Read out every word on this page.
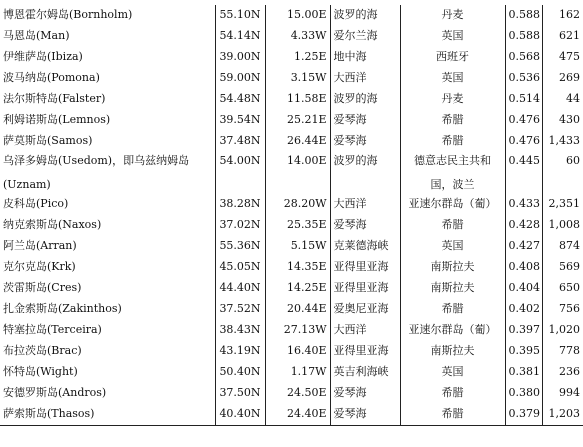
博恩霍尔姆岛(Bornholm)	55.10N	15.00E	波罗的海	丹麦	0.588	162
马恩岛(Man)	54.14N	4.33W	爱尔兰海	英国	0.588	621
伊维萨岛(Ibiza)	39.00N	1.25E	地中海	西班牙	0.568	475
波马纳岛(Pomona)	59.00N	3.15W	大西洋	英国	0.536	269
法尔斯特岛(Falster)	54.48N	11.58E	波罗的海	丹麦	0.514	44
利姆诺斯岛(Lemnos)	39.54N	25.21E	爱琴海	希腊	0.476	430
萨莫斯岛(Samos)	37.48N	26.44E	爱琴海	希腊	0.476	1,433
乌泽多姆岛(Usedom)，即乌兹纳姆岛	54.00N	14.00E	波罗的海	德意志民主共和	0.445	60
(Uznam)				国，波兰		
皮科岛(Pico)	38.28N	28.20W	大西洋	亚速尔群岛（葡）	0.433	2,351
纳克索斯岛(Naxos)	37.02N	25.35E	爱琴海	希腊	0.428	1,008
阿兰岛(Arran)	55.36N	5.15W	克莱德海峡	英国	0.427	874
克尔克岛(Krk)	45.05N	14.35E	亚得里亚海	南斯拉夫	0.408	569
茨雷斯岛(Cres)	44.40N	14.25E	亚得里亚海	南斯拉夫	0.404	650
扎金索斯岛(Zakinthos)	37.52N	20.44E	爱奥尼亚海	希腊	0.402	756
特塞拉岛(Terceira)	38.43N	27.13W	大西洋	亚速尔群岛（葡）	0.397	1,020
布拉茨岛(Brac)	43.19N	16.40E	亚得里亚海	南斯拉夫	0.395	778
怀特岛(Wight)	50.40N	1.17W	英吉利海峡	英国	0.381	236
安德罗斯岛(Andros)	37.50N	24.50E	爱琴海	希腊	0.380	994
萨索斯岛(Thasos)	40.40N	24.40E	爱琴海	希腊	0.379	1,203
